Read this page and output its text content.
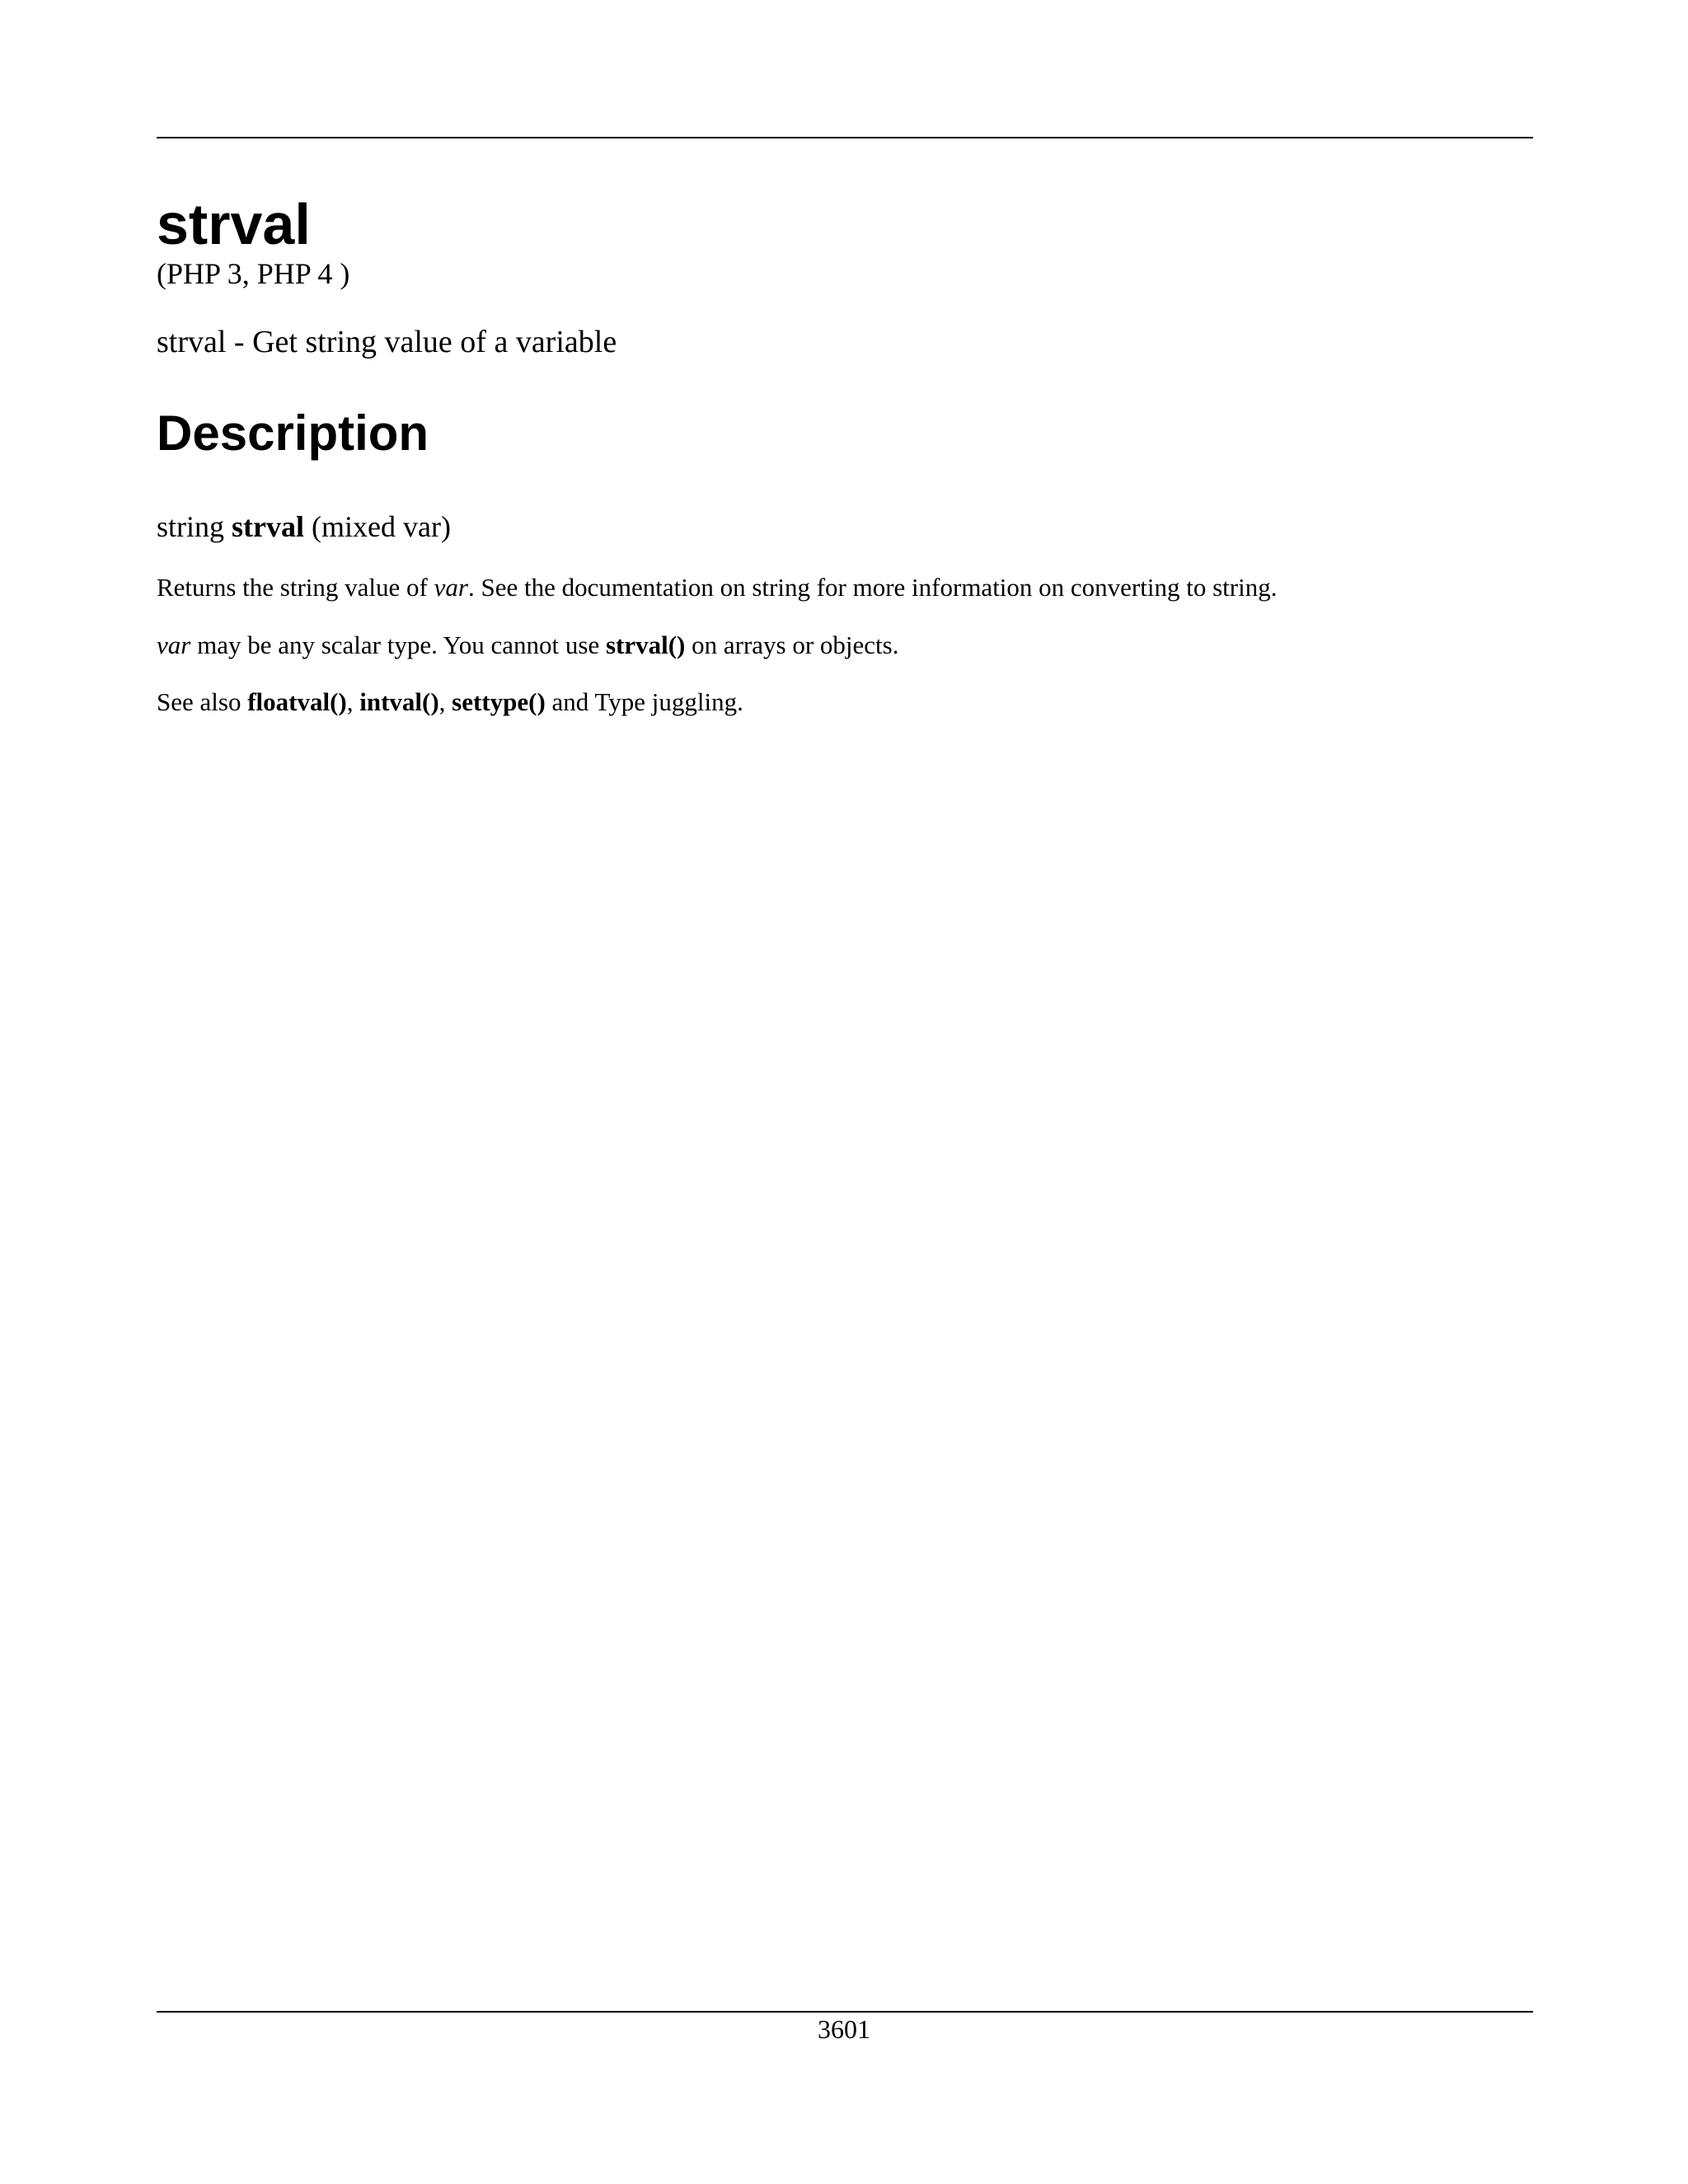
strval
(PHP 3, PHP 4 )
strval - Get string value of a variable
Description
string strval (mixed var)
Returns the string value of var. See the documentation on string for more information on converting to string.
var may be any scalar type. You cannot use strval() on arrays or objects.
See also floatval(), intval(), settype() and Type juggling.
3601
